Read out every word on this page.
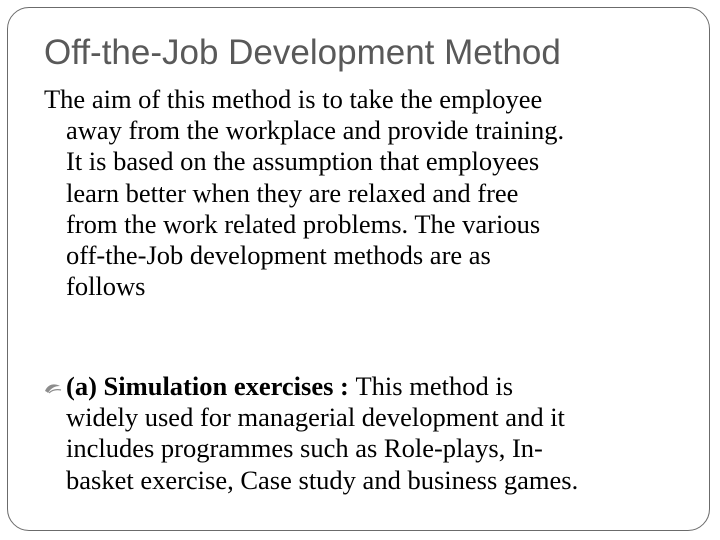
Off-the-Job Development Method
The aim of this method is to take the employee
away from the workplace and provide training.
It is based on the assumption that employees
learn better when they are relaxed and free
from the work related problems. The various
off-the-Job development methods are as
follows
(a) Simulation exercises : This method is
widely used for managerial development and it
includes programmes such as Role-plays, In-
basket exercise, Case study and business games.
